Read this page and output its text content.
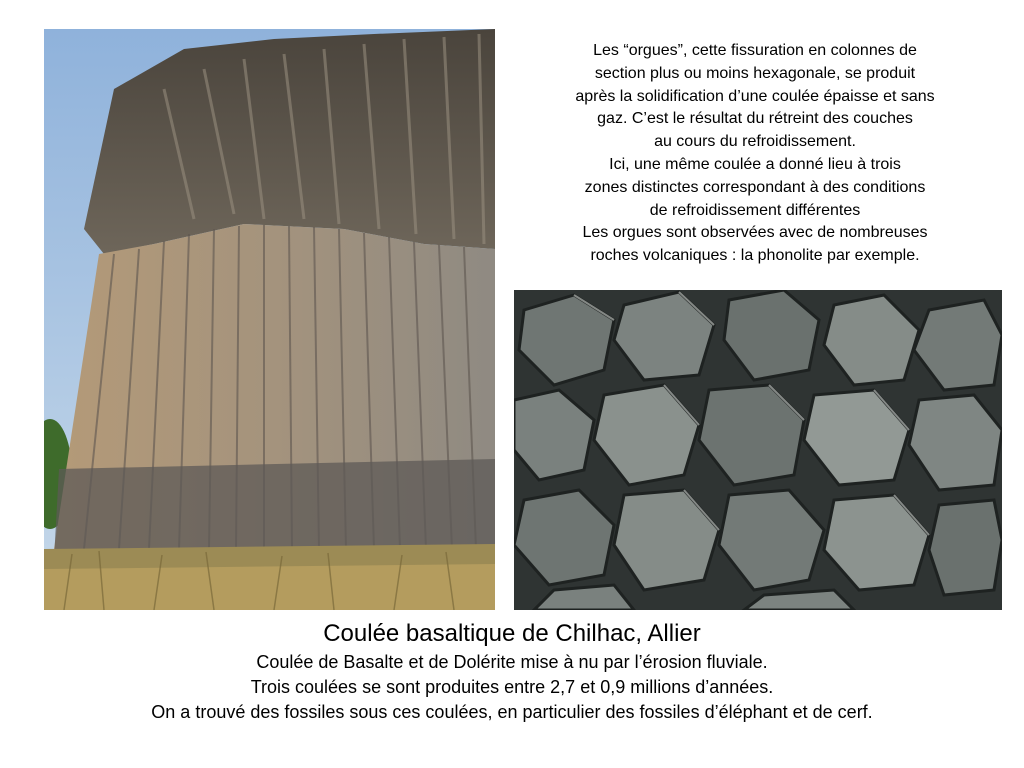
Les “orgues”, cette fissuration en colonnes de
section plus ou moins hexagonale, se produit
après la solidification d’une coulée épaisse et sans
gaz. C’est le résultat du rétreint des couches
au cours du refroidissement.
Ici, une même coulée a donné lieu à trois
zones distinctes correspondant à des conditions
de refroidissement différentes
Les orgues sont observées avec de nombreuses
roches volcaniques : la phonolite par exemple.
Coulée basaltique de Chilhac, Allier
Coulée de Basalte et de Dolérite mise à nu par l’érosion fluviale.
Trois coulées se sont produites entre 2,7 et 0,9 millions d’années.
On a trouvé des fossiles sous ces coulées, en particulier des fossiles d’éléphant et de cerf.
